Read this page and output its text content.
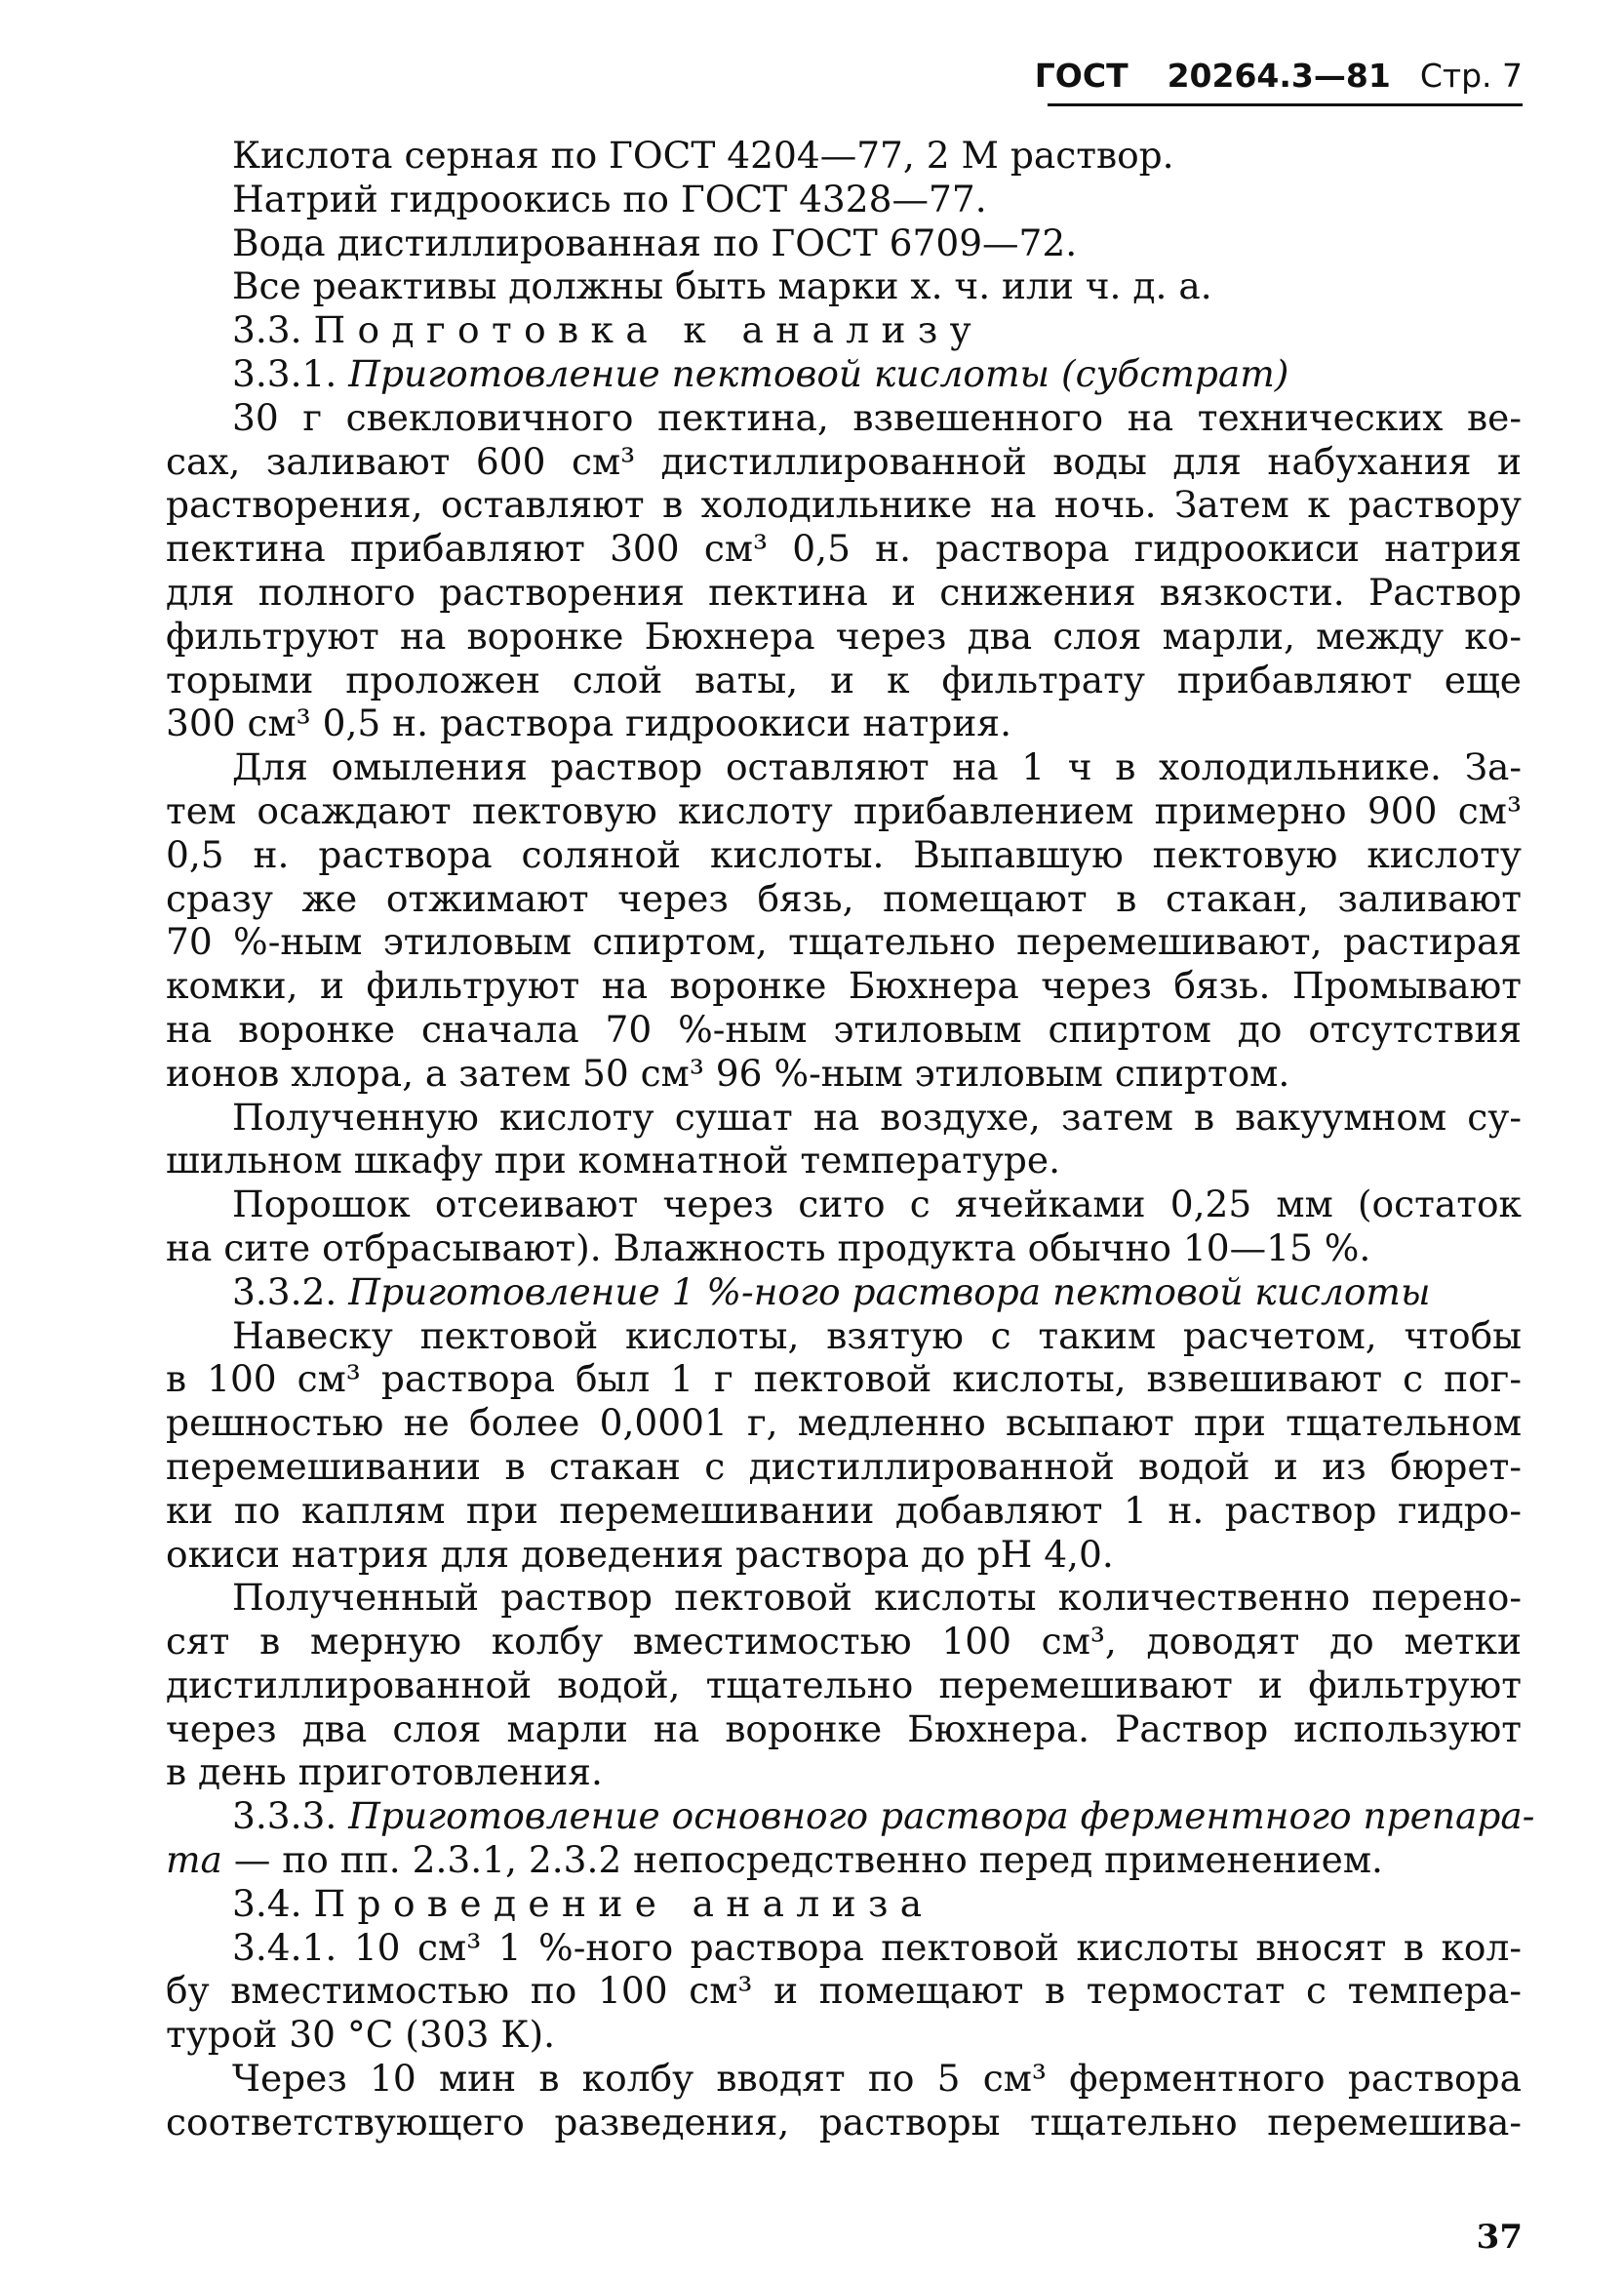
ГОСТ 20264.3—81 Стр. 7
Кислота серная по ГОСТ 4204—77, 2 М раствор.
Натрий гидроокись по ГОСТ 4328—77.
Вода дистиллированная по ГОСТ 6709—72.
Все реактивы должны быть марки х. ч. или ч. д. а.
3.3. Подготовка к анализу
3.3.1. Приготовление пектовой кислоты (субстрат)
30 г свекловичного пектина, взвешенного на технических ве-
сах, заливают 600 см³ дистиллированной воды для набухания и
растворения, оставляют в холодильнике на ночь. Затем к раствору
пектина прибавляют 300 см³ 0,5 н. раствора гидроокиси натрия
для полного растворения пектина и снижения вязкости. Раствор
фильтруют на воронке Бюхнера через два слоя марли, между ко-
торыми проложен слой ваты, и к фильтрату прибавляют еще
300 см³ 0,5 н. раствора гидроокиси натрия.
Для омыления раствор оставляют на 1 ч в холодильнике. За-
тем осаждают пектовую кислоту прибавлением примерно 900 см³
0,5 н. раствора соляной кислоты. Выпавшую пектовую кислоту
сразу же отжимают через бязь, помещают в стакан, заливают
70 %-ным этиловым спиртом, тщательно перемешивают, растирая
комки, и фильтруют на воронке Бюхнера через бязь. Промывают
на воронке сначала 70 %-ным этиловым спиртом до отсутствия
ионов хлора, а затем 50 см³ 96 %-ным этиловым спиртом.
Полученную кислоту сушат на воздухе, затем в вакуумном су-
шильном шкафу при комнатной температуре.
Порошок отсеивают через сито с ячейками 0,25 мм (остаток
на сите отбрасывают). Влажность продукта обычно 10—15 %.
3.3.2. Приготовление 1 %-ного раствора пектовой кислоты
Навеску пектовой кислоты, взятую с таким расчетом, чтобы
в 100 см³ раствора был 1 г пектовой кислоты, взвешивают с пог-
решностью не более 0,0001 г, медленно всыпают при тщательном
перемешивании в стакан с дистиллированной водой и из бюрет-
ки по каплям при перемешивании добавляют 1 н. раствор гидро-
окиси натрия для доведения раствора до pH 4,0.
Полученный раствор пектовой кислоты количественно перено-
сят в мерную колбу вместимостью 100 см³, доводят до метки
дистиллированной водой, тщательно перемешивают и фильтруют
через два слоя марли на воронке Бюхнера. Раствор используют
в день приготовления.
3.3.3. Приготовление основного раствора ферментного препара-
та — по пп. 2.3.1, 2.3.2 непосредственно перед применением.
3.4. Проведение анализа
3.4.1. 10 см³ 1 %-ного раствора пектовой кислоты вносят в кол-
бу вместимостью по 100 см³ и помещают в термостат с темпера-
турой 30 °С (303 К).
Через 10 мин в колбу вводят по 5 см³ ферментного раствора
соответствующего разведения, растворы тщательно перемешива-
37
